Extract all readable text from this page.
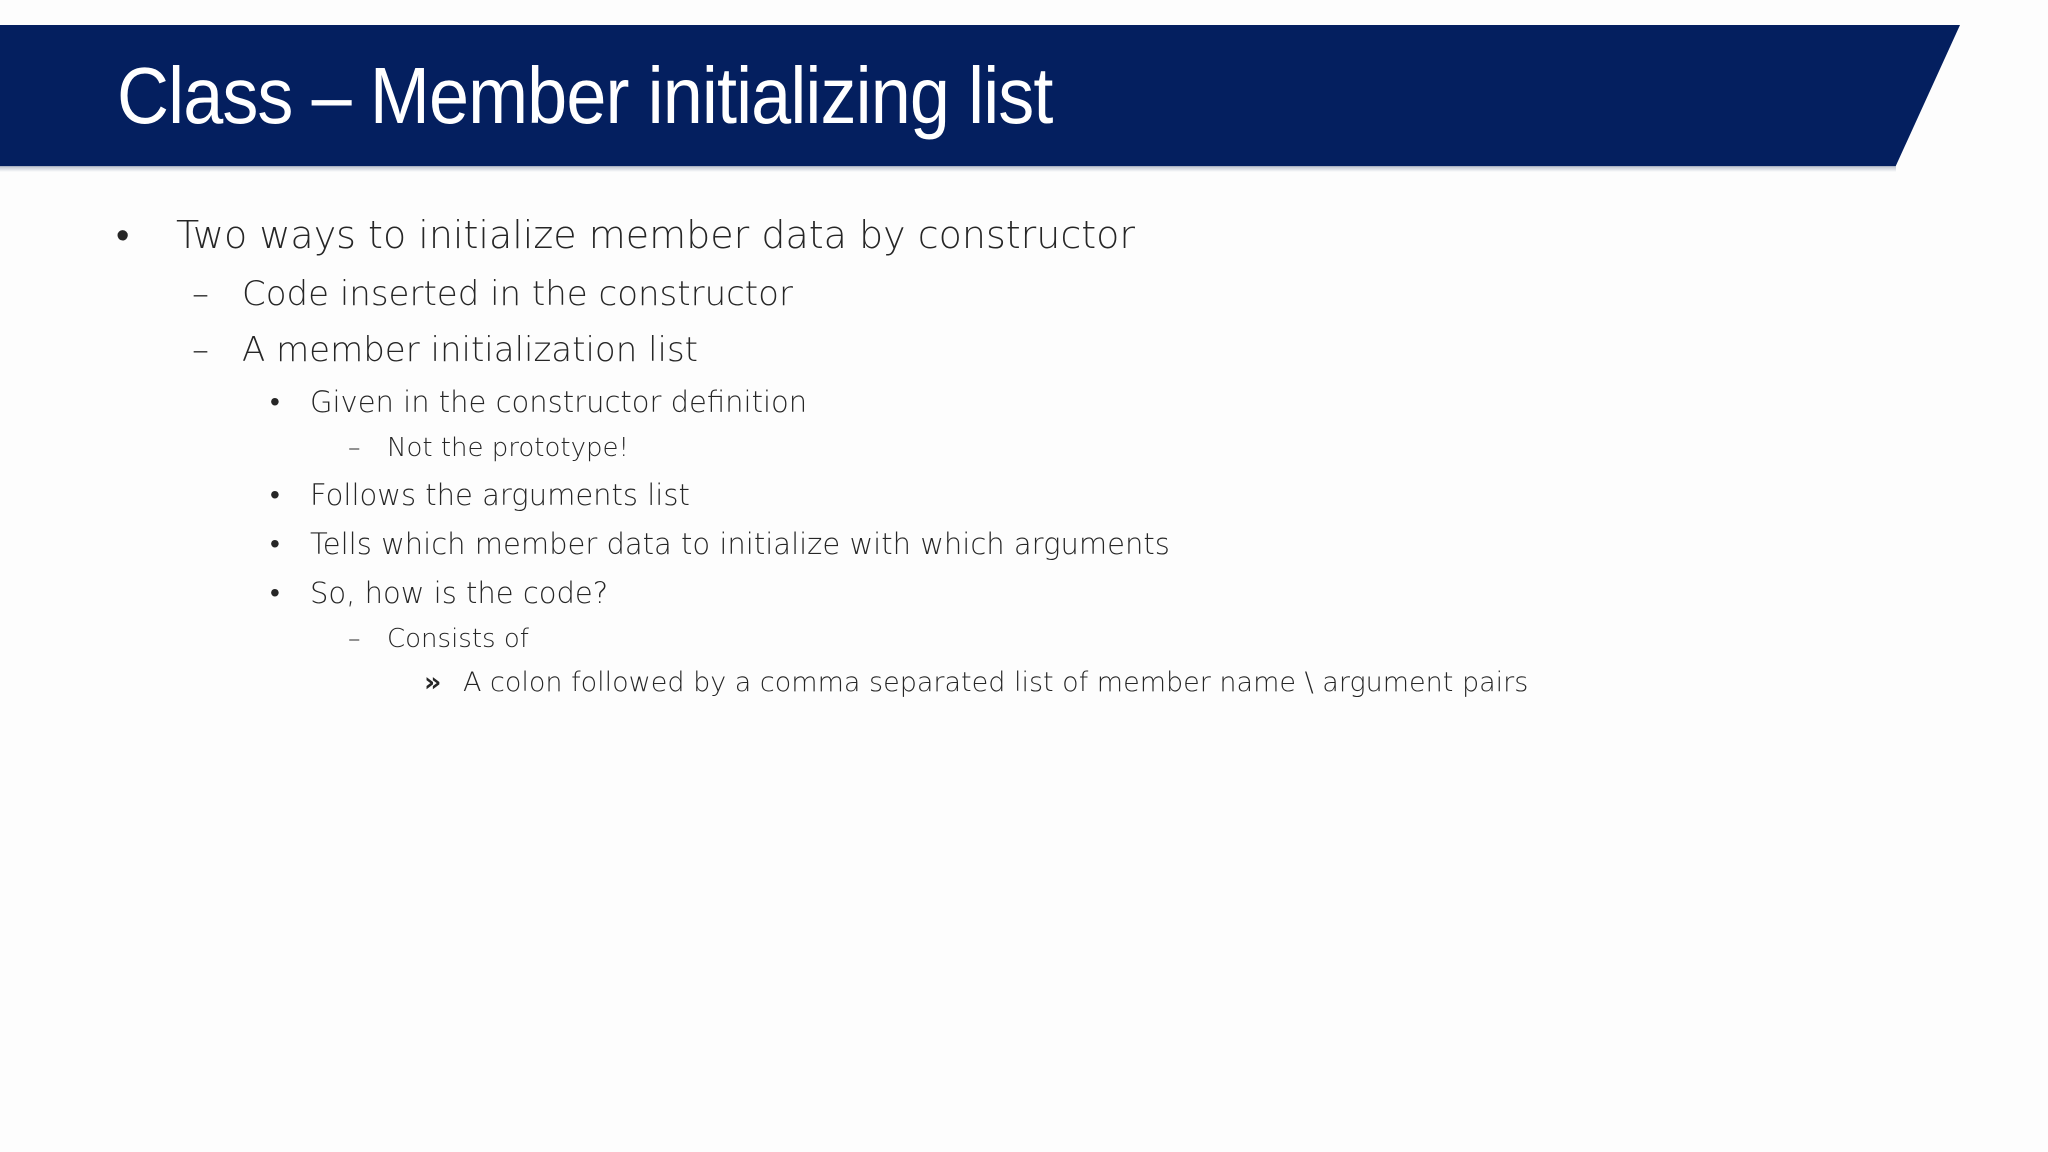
Class – Member initializing list
• Two ways to initialize member data by constructor
– Code inserted in the constructor
– A member initialization list
• Given in the constructor definition
– Not the prototype!
• Follows the arguments list
• Tells which member data to initialize with which arguments
• So, how is the code?
– Consists of
» A colon followed by a comma separated list of member name \ argument pairs
